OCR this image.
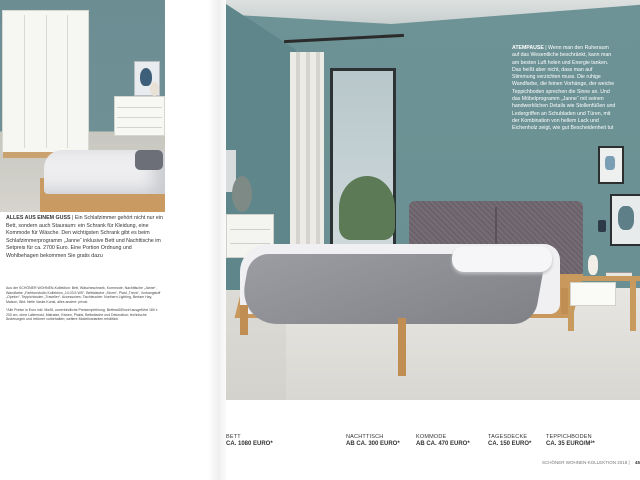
ALLES AUS EINEM GUSS | Ein Schlafzimmer gehört nicht nur ein Bett, sondern auch Stauraum: ein Schrank für Kleidung, eine Kommode für Wäsche. Den wichtigsten Schrank gibt es beim Schlafzimmerprogramm „Janne“ inklusive Bett und Nachttische im Setpreis für ca. 2700 Euro. Eine Portion Ordnung und Wohlbehagen bekommen Sie gratis dazu

Aus der SCHÖNER WOHNEN-Kollektion: Bett, Wäscheschrank, Kommode, Nachttische „Janne“, Wandfarbe „Farbtonstudio Kollektion „14.03.5 WS“. Bettwäsche „Storm“, Plaid „Treva“, Vorhangstoff „Opelon“. Teppichboden „Traveller“. Accessoires: Tischleuchte: Northern Lighting, Bertam Hay, Maison, Bild: Nelle Vaske Kunst, alles andere: privat.

*Alle Preise in Euro inkl. MwSt. unverbindliche Preisempfehlung. Bettmaß/Einzel ausgeführt 180 x 200 cm, ohne Lattenrost, Matratze, Kissen, Plaids, Bettwäsche und Dekoration; technische Änderungen und Irrtümer vorbehalten; weitere Modellvarianten erhältlich.

ATEMPAUSE | Wenn man den Ruheraum auf das Wesentliche beschränkt, kann man am besten Luft holen und Energie tanken. Das heißt aber nicht, dass man auf Stimmung verzichten muss. Die ruhige Wandfarbe, die feinen Vorhänge, der weiche Teppichboden sprechen die Sinne an. Und das Möbelprogramm „Janne“ mit seinen handwerklichen Details wie Stollenfüßen und Ledergriffen an Schubladen und Türen, mit der Kombination von hellem Lack und Eichenholz zeigt, wie gut Bescheidenheit tut
BETT
CA. 1080 EURO*
NACHTTISCH
AB CA. 300 EURO*
KOMMODE
AB CA. 470 EURO*
TAGESDECKE
CA. 150 EURO*
TEPPICHBODEN
CA. 35 EURO/M²*
SCHÖNER WOHNEN-KOLLEKTION 2018 | 45
